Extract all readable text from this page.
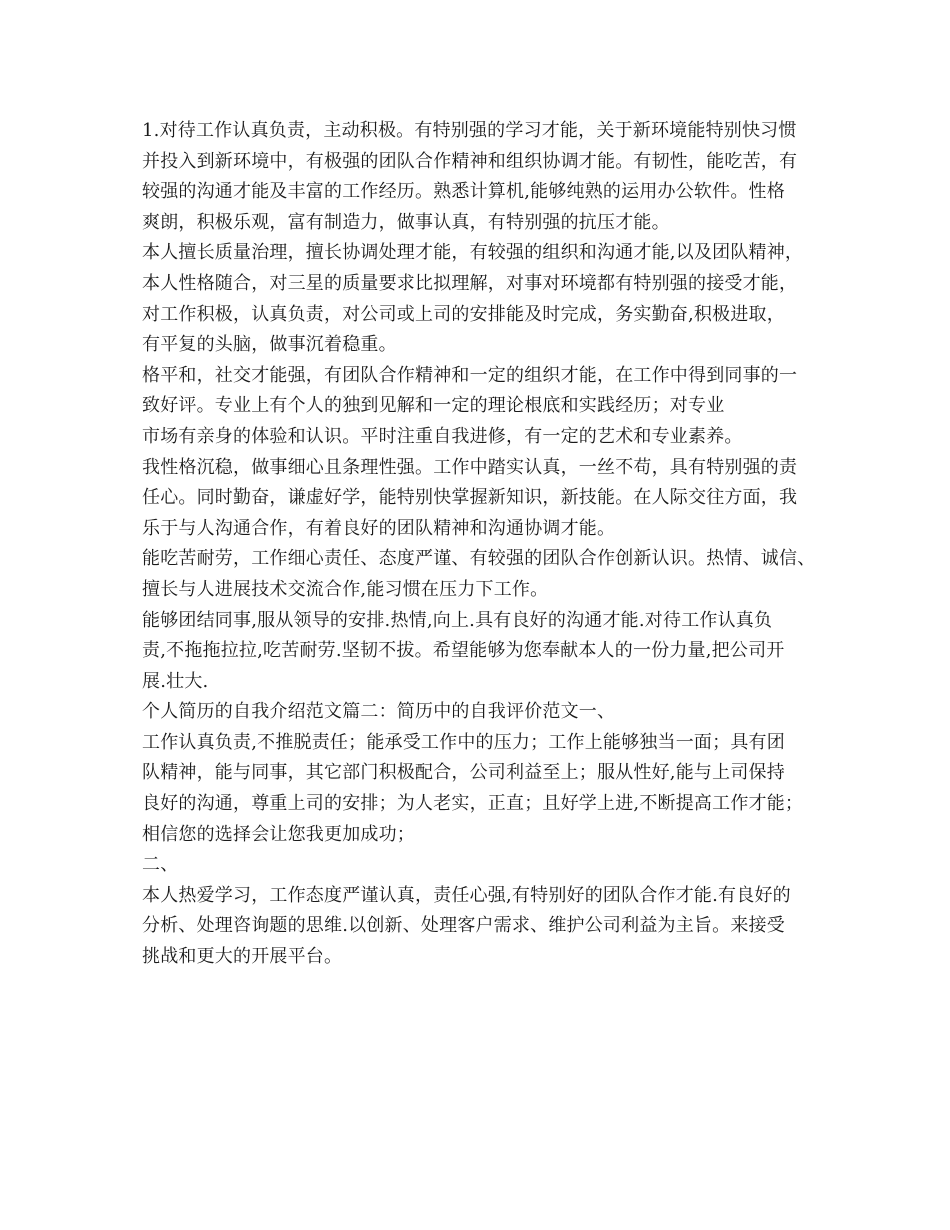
1.对待工作认真负责，主动积极。有特别强的学习才能，关于新环境能特别快习惯
并投入到新环境中，有极强的团队合作精神和组织协调才能。有韧性，能吃苦，有
较强的沟通才能及丰富的工作经历。熟悉计算机,能够纯熟的运用办公软件。性格
爽朗，积极乐观，富有制造力，做事认真，有特别强的抗压才能。
本人擅长质量治理，擅长协调处理才能，有较强的组织和沟通才能,以及团队精神，
本人性格随合，对三星的质量要求比拟理解，对事对环境都有特别强的接受才能，
对工作积极，认真负责，对公司或上司的安排能及时完成，务实勤奋,积极进取，
有平复的头脑，做事沉着稳重。
格平和，社交才能强，有团队合作精神和一定的组织才能，在工作中得到同事的一
致好评。专业上有个人的独到见解和一定的理论根底和实践经历；对专业
市场有亲身的体验和认识。平时注重自我进修，有一定的艺术和专业素养。
我性格沉稳，做事细心且条理性强。工作中踏实认真，一丝不苟，具有特别强的责
任心。同时勤奋，谦虚好学，能特别快掌握新知识，新技能。在人际交往方面，我
乐于与人沟通合作，有着良好的团队精神和沟通协调才能。
能吃苦耐劳，工作细心责任、态度严谨、有较强的团队合作创新认识。热情、诚信、
擅长与人进展技术交流合作,能习惯在压力下工作。
能够团结同事,服从领导的安排.热情,向上.具有良好的沟通才能.对待工作认真负
责,不拖拖拉拉,吃苦耐劳.坚韧不拔。希望能够为您奉献本人的一份力量,把公司开
展.壮大.
个人简历的自我介绍范文篇二：简历中的自我评价范文一、
工作认真负责,不推脱责任；能承受工作中的压力；工作上能够独当一面；具有团
队精神，能与同事，其它部门积极配合，公司利益至上；服从性好,能与上司保持
良好的沟通，尊重上司的安排；为人老实，正直；且好学上进,不断提高工作才能；
相信您的选择会让您我更加成功；
二、
本人热爱学习，工作态度严谨认真，责任心强,有特别好的团队合作才能.有良好的
分析、处理咨询题的思维.以创新、处理客户需求、维护公司利益为主旨。来接受
挑战和更大的开展平台。
